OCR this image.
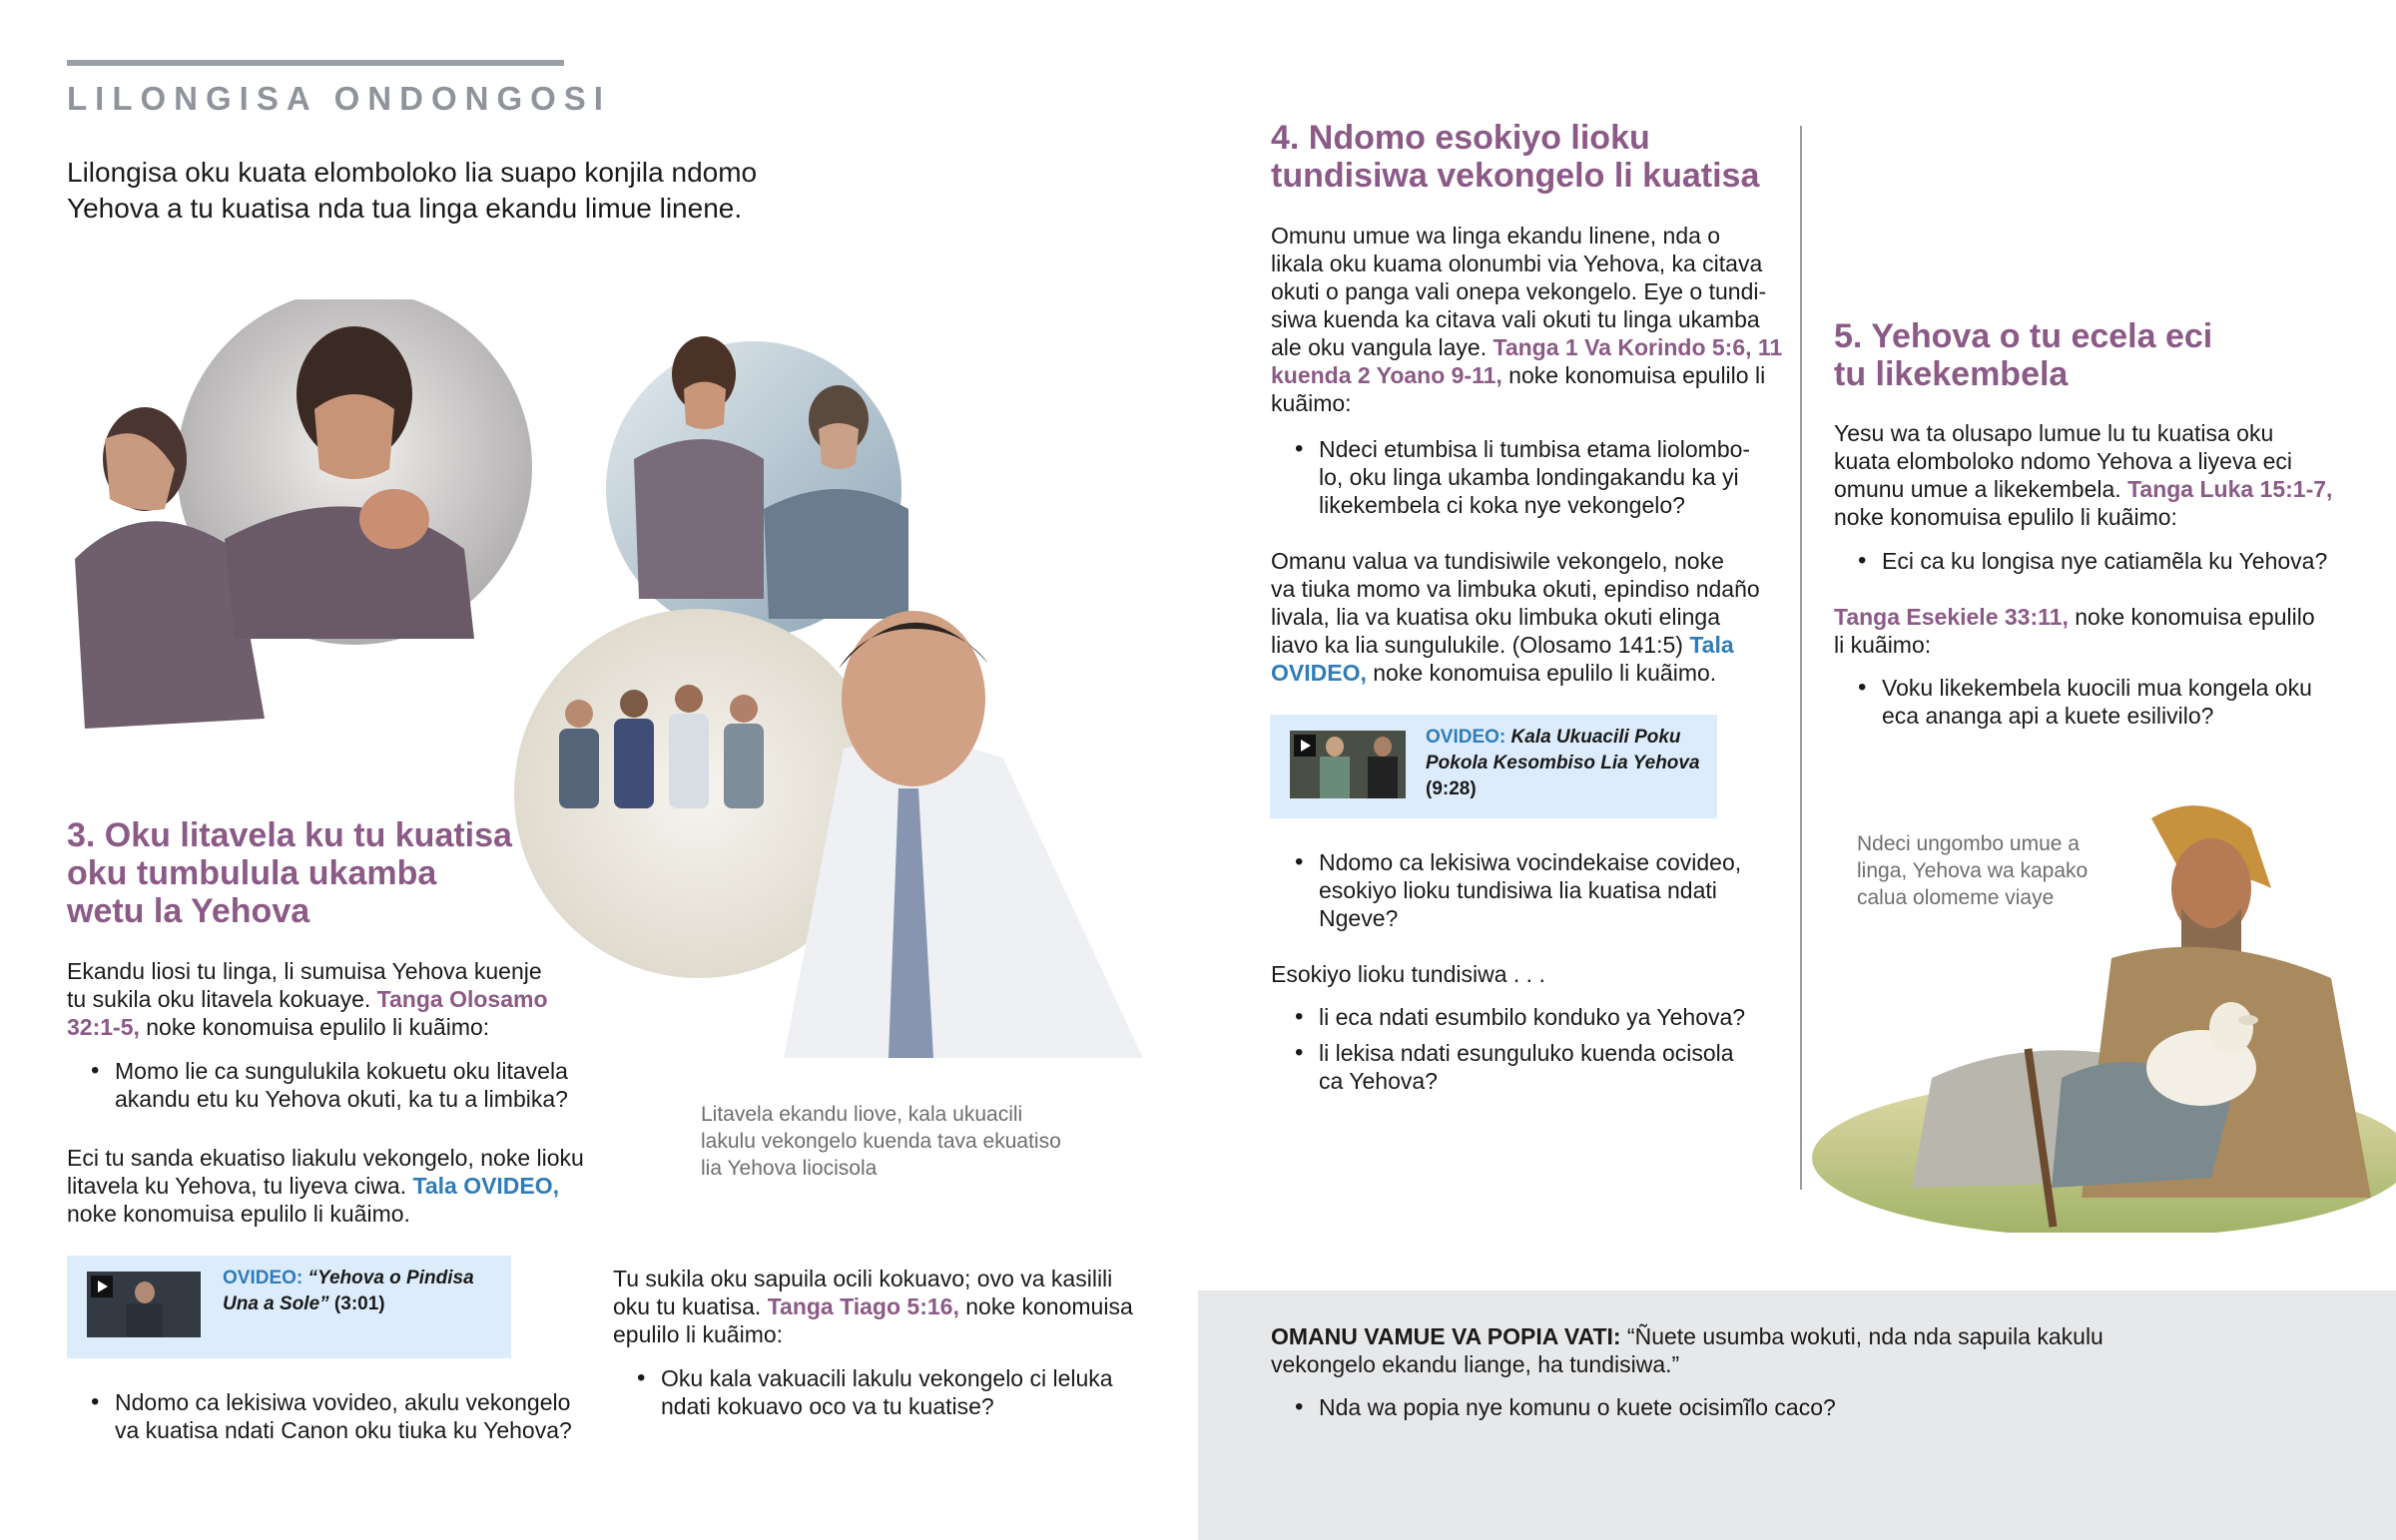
LILONGISA ONDONGOSI
Lilongisa oku kuata elomboloko lia suapo konjila ndomo Yehova a tu kuatisa nda tua linga ekandu limue linene.

3. Oku litavela ku tu kuatisa

oku tumbulula ukamba

wetu la Yehova

Ekandu liosi tu linga, li sumuisa Yehova kuenje
tu sukila oku litavela kokuaye. Tanga Olosamo
32:1-5, noke konomuisa epulilo li kuãimo:
• Momo lie ca sungulukila kokuetu oku litavela
akandu etu ku Yehova okuti, ka tu a limbika?
Eci tu sanda ekuatiso liakulu vekongelo, noke lioku
litavela ku Yehova, tu liyeva ciwa. Tala OVIDEO,
noke konomuisa epulilo li kuãimo.
OVIDEO: “Yehova o Pindisa
Una a Sole” (3:01)
• Ndomo ca lekisiwa vovideo, akulu vekongelo
va kuatisa ndati Canon oku tiuka ku Yehova?
Litavela ekandu liove, kala ukuacili
lakulu vekongelo kuenda tava ekuatiso
lia Yehova liocisola
Tu sukila oku sapuila ocili kokuavo; ovo va kasilili
oku tu kuatisa. Tanga Tiago 5:16, noke konomuisa
epulilo li kuãimo:
• Oku kala vakuacili lakulu vekongelo ci leluka
ndati kokuavo oco va tu kuatise?
OMANU VAMUE VA POPIA VATI: “Ñuete usumba wokuti, nda nda sapuila kakulu
vekongelo ekandu liange, ha tundisiwa.”
• Nda wa popia nye komunu o kuete ocisimĩlo caco?

4. Ndomo esokiyo lioku

tundisiwa vekongelo li kuatisa

Omunu umue wa linga ekandu linene, nda o
likala oku kuama olonumbi via Yehova, ka citava
okuti o panga vali onepa vekongelo. Eye o tundi-
siwa kuenda ka citava vali okuti tu linga ukamba
ale oku vangula laye. Tanga 1 Va Korindo 5:6, 11
kuenda 2 Yoano 9-11, noke konomuisa epulilo li
kuãimo:
• Ndeci etumbisa li tumbisa etama liolombo-
lo, oku linga ukamba londingakandu ka yi
likekembela ci koka nye vekongelo?
Omanu valua va tundisiwile vekongelo, noke
va tiuka momo va limbuka okuti, epindiso ndaño
livala, lia va kuatisa oku limbuka okuti elinga
liavo ka lia sungulukile. (Olosamo 141:5) Tala
OVIDEO, noke konomuisa epulilo li kuãimo.
OVIDEO: Kala Ukuacili Poku
Pokola Kesombiso Lia Yehova
(9:28)
• Ndomo ca lekisiwa vocindekaise covideo,
esokiyo lioku tundisiwa lia kuatisa ndati
Ngeve?
Esokiyo lioku tundisiwa . . .
• li eca ndati esumbilo konduko ya Yehova?
• li lekisa ndati esunguluko kuenda ocisola
ca Yehova?

5. Yehova o tu ecela eci

tu likekembela

Yesu wa ta olusapo lumue lu tu kuatisa oku
kuata elomboloko ndomo Yehova a liyeva eci
omunu umue a likekembela. Tanga Luka 15:1-7,
noke konomuisa epulilo li kuãimo:
• Eci ca ku longisa nye catiamẽla ku Yehova?
Tanga Esekiele 33:11, noke konomuisa epulilo
li kuãimo:
• Voku likekembela kuocili mua kongela oku
eca ananga api a kuete esilivilo?
Ndeci ungombo umue a
linga, Yehova wa kapako
calua olomeme viaye
